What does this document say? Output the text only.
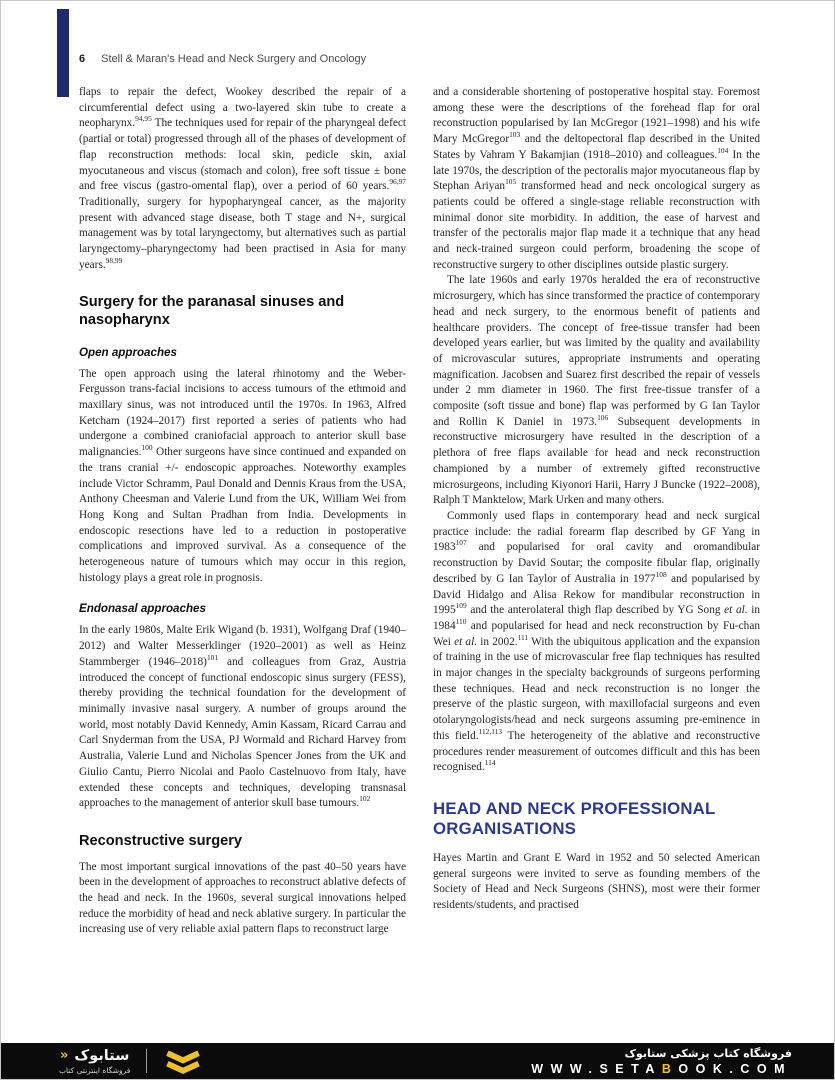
6 Stell & Maran's Head and Neck Surgery and Oncology

flaps to repair the defect, Wookey described the repair of a circumferential defect using a two-layered skin tube to create a neopharynx.$^{94,95}$ The techniques used for repair of the pharyngeal defect (partial or total) progressed through all of the phases of development of flap reconstruction methods: local skin, pedicle skin, axial myocutaneous and viscus (stomach and colon), free soft tissue ± bone and free viscus (gastro-omental flap), over a period of 60 years.$^{96,97}$ Traditionally, surgery for hypopharyngeal cancer, as the majority present with advanced stage disease, both T stage and N+, surgical management was by total laryngectomy, but alternatives such as partial laryngectomy–pharyngectomy had been practised in Asia for many years.$^{98,99}$

Surgery for the paranasal sinuses and nasopharynx
Open approaches

The open approach using the lateral rhinotomy and the Weber-Fergusson trans-facial incisions to access tumours of the ethmoid and maxillary sinus, was not introduced until the 1970s. In 1963, Alfred Ketcham (1924–2017) first reported a series of patients who had undergone a combined craniofacial approach to anterior skull base malignancies.$^{100}$ Other surgeons have since continued and expanded on the trans cranial +/- endoscopic approaches. Noteworthy examples include Victor Schramm, Paul Donald and Dennis Kraus from the USA, Anthony Cheesman and Valerie Lund from the UK, William Wei from Hong Kong and Sultan Pradhan from India. Developments in endoscopic resections have led to a reduction in postoperative complications and improved survival. As a consequence of the heterogeneous nature of tumours which may occur in this region, histology plays a great role in prognosis.

Endonasal approaches

In the early 1980s, Malte Erik Wigand (b. 1931), Wolfgang Draf (1940–2012) and Walter Messerklinger (1920–2001) as well as Heinz Stammberger (1946–2018)$^{101}$ and colleagues from Graz, Austria introduced the concept of functional endoscopic sinus surgery (FESS), thereby providing the technical foundation for the development of minimally invasive nasal surgery. A number of groups around the world, most notably David Kennedy, Amin Kassam, Ricard Carrau and Carl Snyderman from the USA, PJ Wormald and Richard Harvey from Australia, Valerie Lund and Nicholas Spencer Jones from the UK and Giulio Cantu, Pierro Nicolai and Paolo Castelnuovo from Italy, have extended these concepts and techniques, developing transnasal approaches to the management of anterior skull base tumours.$^{102}$

Reconstructive surgery

The most important surgical innovations of the past 40–50 years have been in the development of approaches to reconstruct ablative defects of the head and neck. In the 1960s, several surgical innovations helped reduce the morbidity of head and neck ablative surgery. In particular the increasing use of very reliable axial pattern flaps to reconstruct large

and a considerable shortening of postoperative hospital stay. Foremost among these were the descriptions of the forehead flap for oral reconstruction popularised by Ian McGregor (1921–1998) and his wife Mary McGregor$^{103}$ and the deltopectoral flap described in the United States by Vahram Y Bakamjian (1918–2010) and colleagues.$^{104}$ In the late 1970s, the description of the pectoralis major myocutaneous flap by Stephan Ariyan$^{105}$ transformed head and neck oncological surgery as patients could be offered a single-stage reliable reconstruction with minimal donor site morbidity. In addition, the ease of harvest and transfer of the pectoralis major flap made it a technique that any head and neck-trained surgeon could perform, broadening the scope of reconstructive surgery to other disciplines outside plastic surgery.

The late 1960s and early 1970s heralded the era of reconstructive microsurgery, which has since transformed the practice of contemporary head and neck surgery, to the enormous benefit of patients and healthcare providers. The concept of free-tissue transfer had been developed years earlier, but was limited by the quality and availability of microvascular sutures, appropriate instruments and operating magnification. Jacobsen and Suarez first described the repair of vessels under 2 mm diameter in 1960. The first free-tissue transfer of a composite (soft tissue and bone) flap was performed by G Ian Taylor and Rollin K Daniel in 1973.$^{106}$ Subsequent developments in reconstructive microsurgery have resulted in the description of a plethora of free flaps available for head and neck reconstruction championed by a number of extremely gifted reconstructive microsurgeons, including Kiyonori Harii, Harry J Buncke (1922–2008), Ralph T Manktelow, Mark Urken and many others.

Commonly used flaps in contemporary head and neck surgical practice include: the radial forearm flap described by GF Yang in 1983$^{107}$ and popularised for oral cavity and oromandibular reconstruction by David Soutar; the composite fibular flap, originally described by G Ian Taylor of Australia in 1977$^{108}$ and popularised by David Hidalgo and Alisa Rekow for mandibular reconstruction in 1995$^{109}$ and the anterolateral thigh flap described by YG Song et al. in 1984$^{110}$ and popularised for head and neck reconstruction by Fu-chan Wei et al. in 2002.$^{111}$ With the ubiquitous application and the expansion of training in the use of microvascular free flap techniques has resulted in major changes in the specialty backgrounds of surgeons performing these techniques. Head and neck reconstruction is no longer the preserve of the plastic surgeon, with maxillofacial surgeons and even otolaryngologists/head and neck surgeons assuming pre-eminence in this field.$^{112,113}$ The heterogeneity of the ablative and reconstructive procedures render measurement of outcomes difficult and this has been recognised.$^{114}$

HEAD AND NECK PROFESSIONAL ORGANISATIONS

Hayes Martin and Grant E Ward in 1952 and 50 selected American general surgeons were invited to serve as founding members of the Society of Head and Neck Surgeons (SHNS), most were their former residents/students, and practised

ستابوک
«
فروشگاه اینترنتی کتاب
فروشگاه کتاب پزشکی ستابوک
WWW.SETABOOK.COM
